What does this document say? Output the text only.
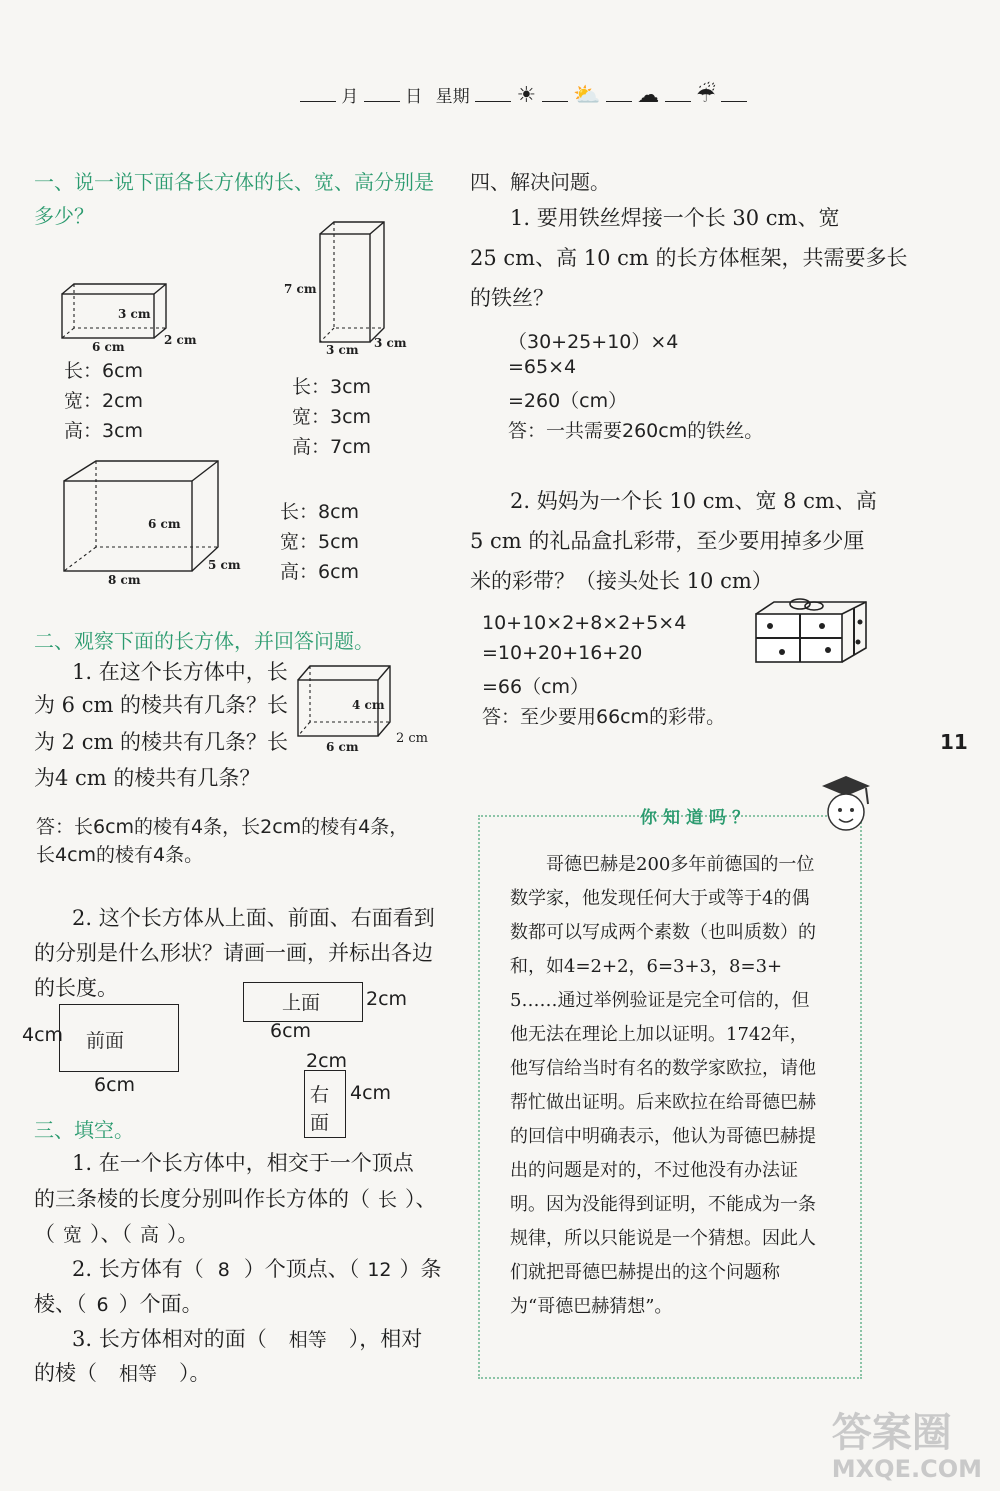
月	日 星期 ☀ ⛅ ☁ ☔
一、说一说下面各长方体的长、宽、高分别是
多少？
3 cm
2 cm
6 cm
长：6cm
宽：2cm
高：3cm
7 cm
3 cm 3 cm
长：3cm
宽：3cm
高：7cm
6 cm
8 cm
5 cm
长：8cm
宽：5cm
高：6cm
二、观察下面的长方体，并回答问题。
1. 在这个长方体中，长
为 6 cm 的棱共有几条？长
为 2 cm 的棱共有几条？长
为4 cm 的棱共有几条？
4 cm
6 cm
2 cm
答：长6cm的棱有4条，长2cm的棱有4条，
长4cm的棱有4条。
2. 这个长方体从上面、前面、右面看到
的分别是什么形状？请画一画，并标出各边
的长度。
上面 2cm
6cm
前面
4cm
6cm	右
面
2cm
4cm
三、填空。
1. 在一个长方体中，相交于一个顶点
的三条棱的长度分别叫作长方体的（ 长 ）、
（ 宽 ）、（ 高 ）。
2. 长方体有（ 8 ）个顶点、（ 12 ）条
棱、（ 6 ）个面。
3. 长方体相对的面（ 相等 ），相对
的棱（ 相等 ）。
四、解决问题。
1. 要用铁丝焊接一个长 30 cm、宽
25 cm、高 10 cm 的长方体框架，共需要多长
的铁丝？
（30+25+10）×4
=65×4
=260（cm）
答：一共需要260cm的铁丝。
2. 妈妈为一个长 10 cm、宽 8 cm、高
5 cm 的礼品盒扎彩带，至少要用掉多少厘
米的彩带？（接头处长 10 cm）
10+10×2+8×2+5×4
=10+20+16+20
=66（cm）
答：至少要用66cm的彩带。
11
你知道吗？
　　哥德巴赫是200多年前德国的一位数学家，他发现任何大于或等于4的偶数都可以写成两个素数（也叫质数）的和，如4=2+2，6=3+3，8=3+5……通过举例验证是完全可信的，但他无法在理论上加以证明。1742年，他写信给当时有名的数学家欧拉，请他帮忙做出证明。后来欧拉在给哥德巴赫的回信中明确表示，他认为哥德巴赫提出的问题是对的，不过他没有办法证明。因为没能得到证明，不能成为一条规律，所以只能说是一个猜想。因此人们就把哥德巴赫提出的这个问题称为“哥德巴赫猜想”。
答案圈
MXQE.COM
